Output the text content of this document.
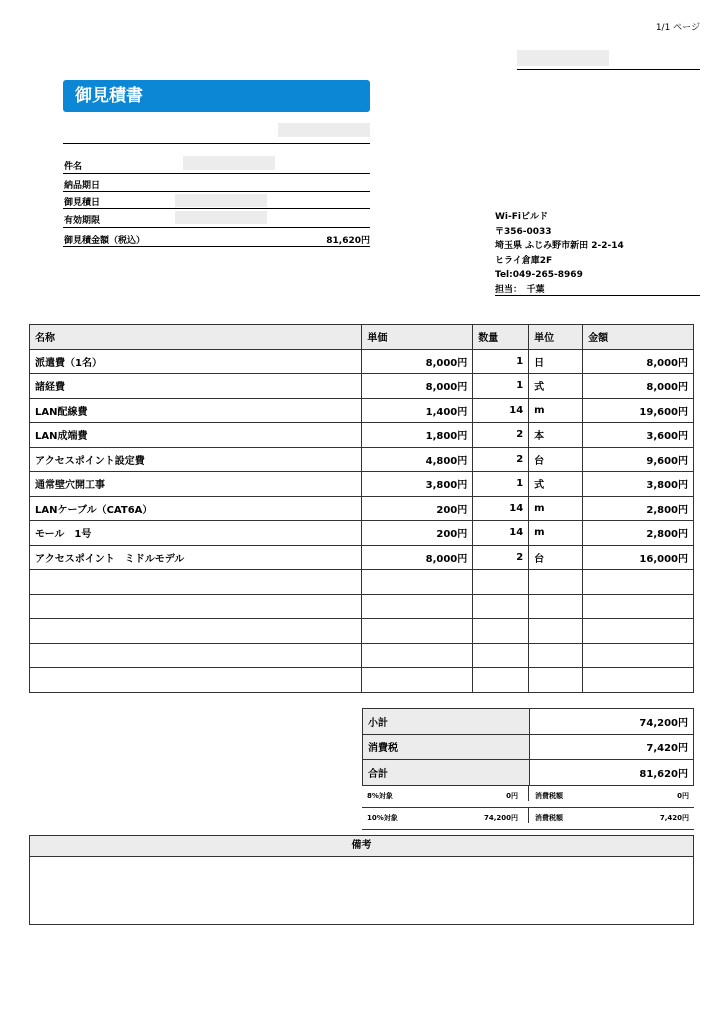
1/1 ページ
御見積書
件名
納品期日
御見積日
有効期限
御見積金額（税込）	81,620円
Wi-Fiビルド
〒356-0033
埼玉県 ふじみ野市新田 2-2-14
ヒライ倉庫2F
Tel:049-265-8969
担当：　千葉
名称	単価	数量	単位	金額
派遣費（1名）	8,000円	1	日	8,000円
諸経費	8,000円	1	式	8,000円
LAN配線費	1,400円	14	m	19,600円
LAN成端費	1,800円	2	本	3,600円
アクセスポイント設定費	4,800円	2	台	9,600円
通常壁穴開工事	3,800円	1	式	3,800円
LANケーブル（CAT6A）	200円	14	m	2,800円
モール　1号	200円	14	m	2,800円
アクセスポイント　ミドルモデル	8,000円	2	台	16,000円

小計	74,200円
消費税	7,420円
合計	81,620円
8%対象	0円 消費税額	0円
10%対象	74,200円 消費税額	7,420円
備考
